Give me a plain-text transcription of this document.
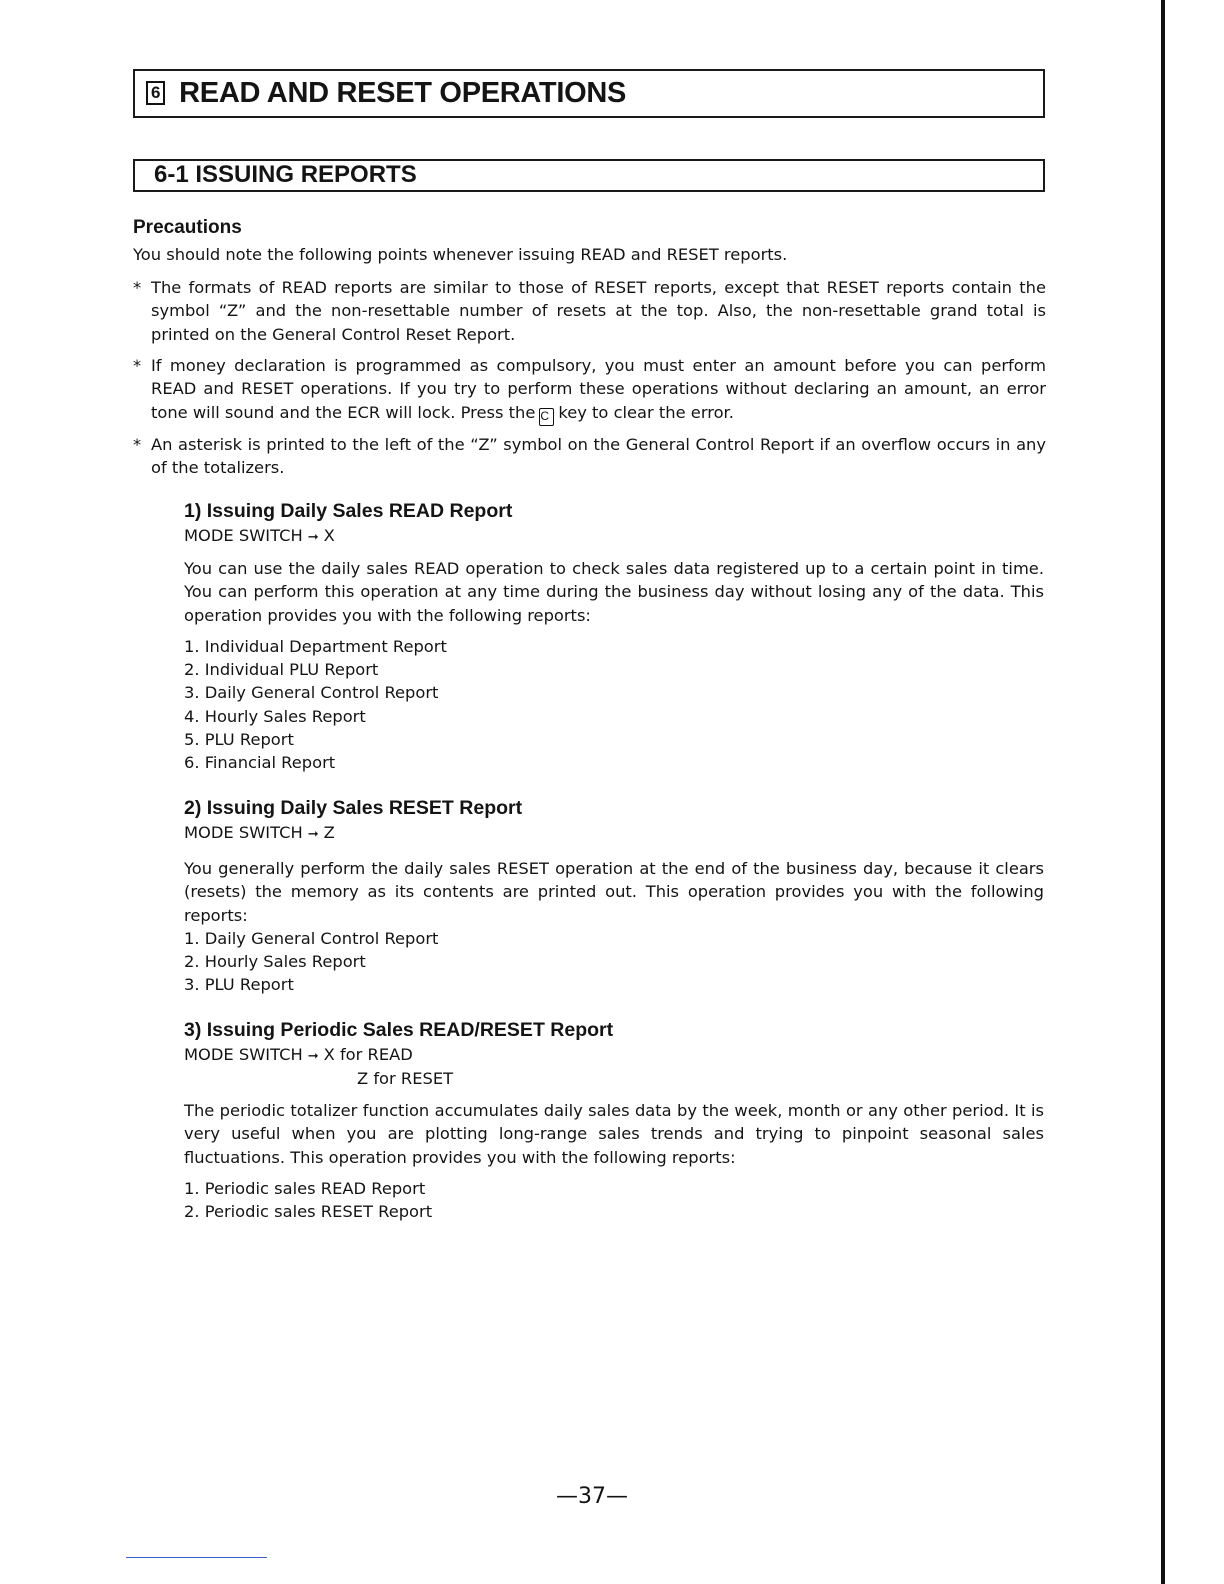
6 READ AND RESET OPERATIONS
6-1 ISSUING REPORTS
Precautions
You should note the following points whenever issuing READ and RESET reports.
* The formats of READ reports are similar to those of RESET reports, except that RESET reports contain the symbol “Z” and the non-resettable number of resets at the top. Also, the non-resettable grand total is printed on the General Control Reset Report.
* If money declaration is programmed as compulsory, you must enter an amount before you can perform READ and RESET operations. If you try to perform these operations without declaring an amount, an error tone will sound and the ECR will lock. Press the C key to clear the error.
* An asterisk is printed to the left of the “Z” symbol on the General Control Report if an overflow occurs in any of the totalizers.
1) Issuing Daily Sales READ Report
MODE SWITCH ➞ X
You can use the daily sales READ operation to check sales data registered up to a certain point in time. You can perform this operation at any time during the business day without losing any of the data. This operation provides you with the following reports:
1. Individual Department Report
2. Individual PLU Report
3. Daily General Control Report
4. Hourly Sales Report
5. PLU Report
6. Financial Report
2) Issuing Daily Sales RESET Report
MODE SWITCH ➞ Z
You generally perform the daily sales RESET operation at the end of the business day, because it clears (resets) the memory as its contents are printed out. This operation provides you with the following reports:
1. Daily General Control Report
2. Hourly Sales Report
3. PLU Report
3) Issuing Periodic Sales READ/RESET Report
MODE SWITCH ➞ X for READ
Z for RESET
The periodic totalizer function accumulates daily sales data by the week, month or any other period. It is very useful when you are plotting long-range sales trends and trying to pinpoint seasonal sales fluctuations. This operation provides you with the following reports:
1. Periodic sales READ Report
2. Periodic sales RESET Report
—37—
